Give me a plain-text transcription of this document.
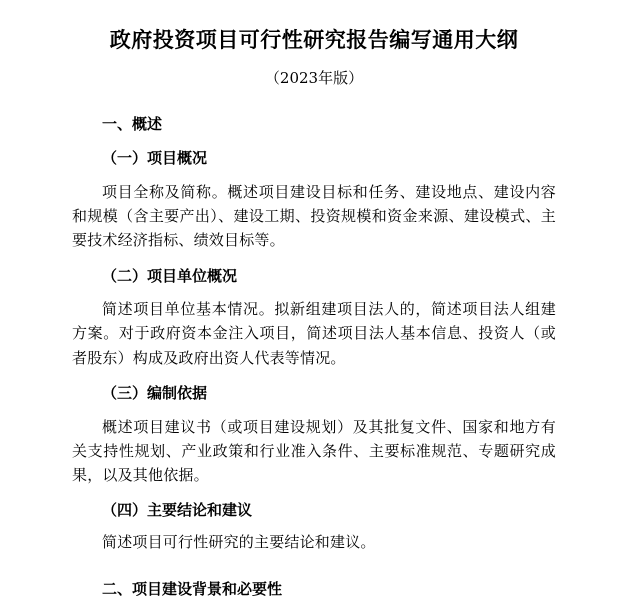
政府投资项目可行性研究报告编写通用大纲
（2023年版）
一、概述
（一）项目概况

项目全称及简称。概述项目建设目标和任务、建设地点、建设内容和规模（含主要产出）、建设工期、投资规模和资金来源、建设模式、主要技术经济指标、绩效目标等。

（二）项目单位概况

简述项目单位基本情况。拟新组建项目法人的，简述项目法人组建方案。对于政府资本金注入项目，简述项目法人基本信息、投资人（或者股东）构成及政府出资人代表等情况。

（三）编制依据

概述项目建议书（或项目建设规划）及其批复文件、国家和地方有关支持性规划、产业政策和行业准入条件、主要标准规范、专题研究成果，以及其他依据。

（四）主要结论和建议

简述项目可行性研究的主要结论和建议。

二、项目建设背景和必要性
